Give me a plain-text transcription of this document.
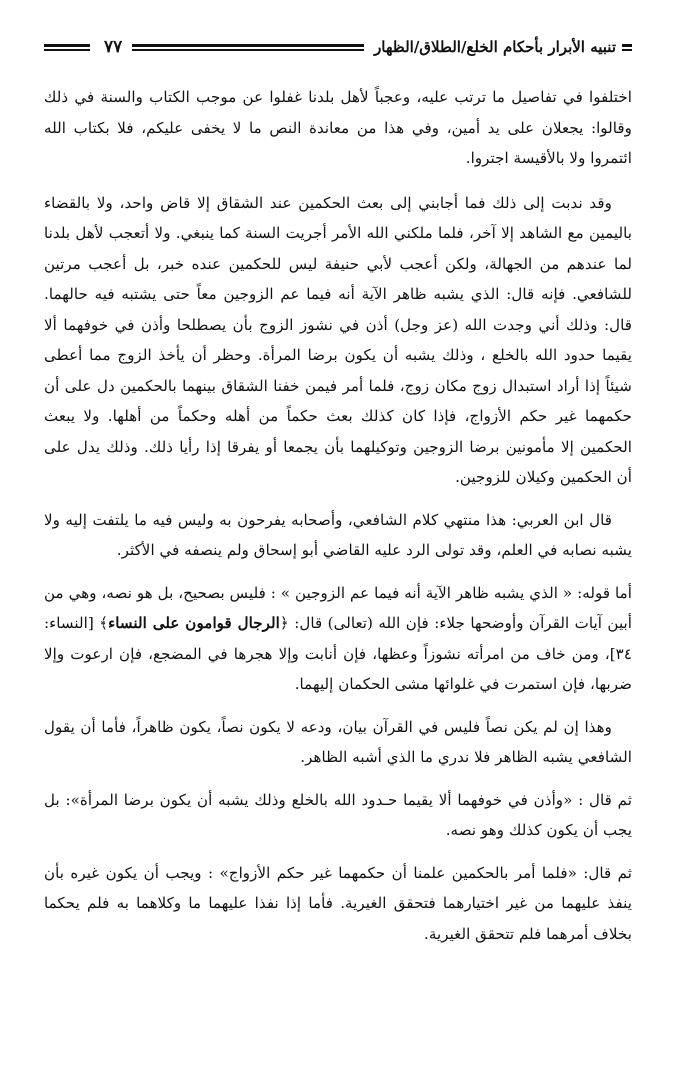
تنبيه الأبرار بأحكام الخلع/الطلاق/الظهار
٧٧

اختلفوا في تفاصيل ما ترتب عليه، وعجباً لأهل بلدنا غفلوا عن موجب الكتاب والسنة في ذلك وقالوا: يجعلان على يد أمين، وفي هذا من معاندة النص ما لا يخفى عليكم، فلا بكتاب الله ائتمروا ولا بالأقيسة اجتروا.

وقد ندبت إلى ذلك فما أجابني إلى بعث الحكمين عند الشقاق إلا قاض واحد، ولا بالقضاء باليمين مع الشاهد إلا آخر، فلما ملكني الله الأمر أجريت السنة كما ينبغي. ولا أتعجب لأهل بلدنا لما عندهم من الجهالة، ولكن أعجب لأبي حنيفة ليس للحكمين عنده خبر، بل أعجب مرتين للشافعي. فإنه قال: الذي يشبه ظاهر الآية أنه فيما عم الزوجين معاً حتى يشتبه فيه حالهما. قال: وذلك أني وجدت الله (عز وجل) أذن في نشوز الزوج بأن يصطلحا وأذن في خوفهما ألا يقيما حدود الله بالخلع ، وذلك يشبه أن يكون برضا المرأة. وحظر أن يأخذ الزوج مما أعطى شيئاً إذا أراد استبدال زوج مكان زوج، فلما أمر فيمن خفنا الشقاق بينهما بالحكمين دل على أن حكمهما غير حكم الأزواج، فإذا كان كذلك بعث حكماً من أهله وحكماً من أهلها. ولا يبعث الحكمين إلا مأمونين برضا الزوجين وتوكيلهما بأن يجمعا أو يفرقا إذا رأيا ذلك. وذلك يدل على أن الحكمين وكيلان للزوجين.

قال ابن العربي: هذا منتهي كلام الشافعي، وأصحابه يفرحون به وليس فيه ما يلتفت إليه ولا يشبه نصابه في العلم، وقد تولى الرد عليه القاضي أبو إسحاق ولم ينصفه في الأكثر.

أما قوله: « الذي يشبه ظاهر الآية أنه فيما عم الزوجين » : فليس بصحيح، بل هو نصه، وهي من أبين آيات القرآن وأوضحها جلاء: فإن الله (تعالى) قال: ﴿الرجال قوامون على النساء﴾ [النساء: ٣٤]، ومن خاف من امرأته نشوزاً وعظها، فإن أنابت وإلا هجرها في المضجع، فإن ارعوت وإلا ضربها، فإن استمرت في غلوائها مشى الحكمان إليهما.

وهذا إن لم يكن نصاً فليس في القرآن بيان، ودعه لا يكون نصاً، يكون ظاهراً، فأما أن يقول الشافعي يشبه الظاهر فلا ندري ما الذي أشبه الظاهر.

ثم قال : «وأذن في خوفهما ألا يقيما حـدود الله بالخلع وذلك يشبه أن يكون برضا المرأة»: بل يجب أن يكون كذلك وهو نصه.

ثم قال: «فلما أمر بالحكمين علمنا أن حكمهما غير حكم الأزواج» : ويجب أن يكون غيره بأن ينفذ عليهما من غير اختيارهما فتحقق الغيرية. فأما إذا نفذا عليهما ما وكلاهما به فلم يحكما بخلاف أمرهما فلم تتحقق الغيرية.
